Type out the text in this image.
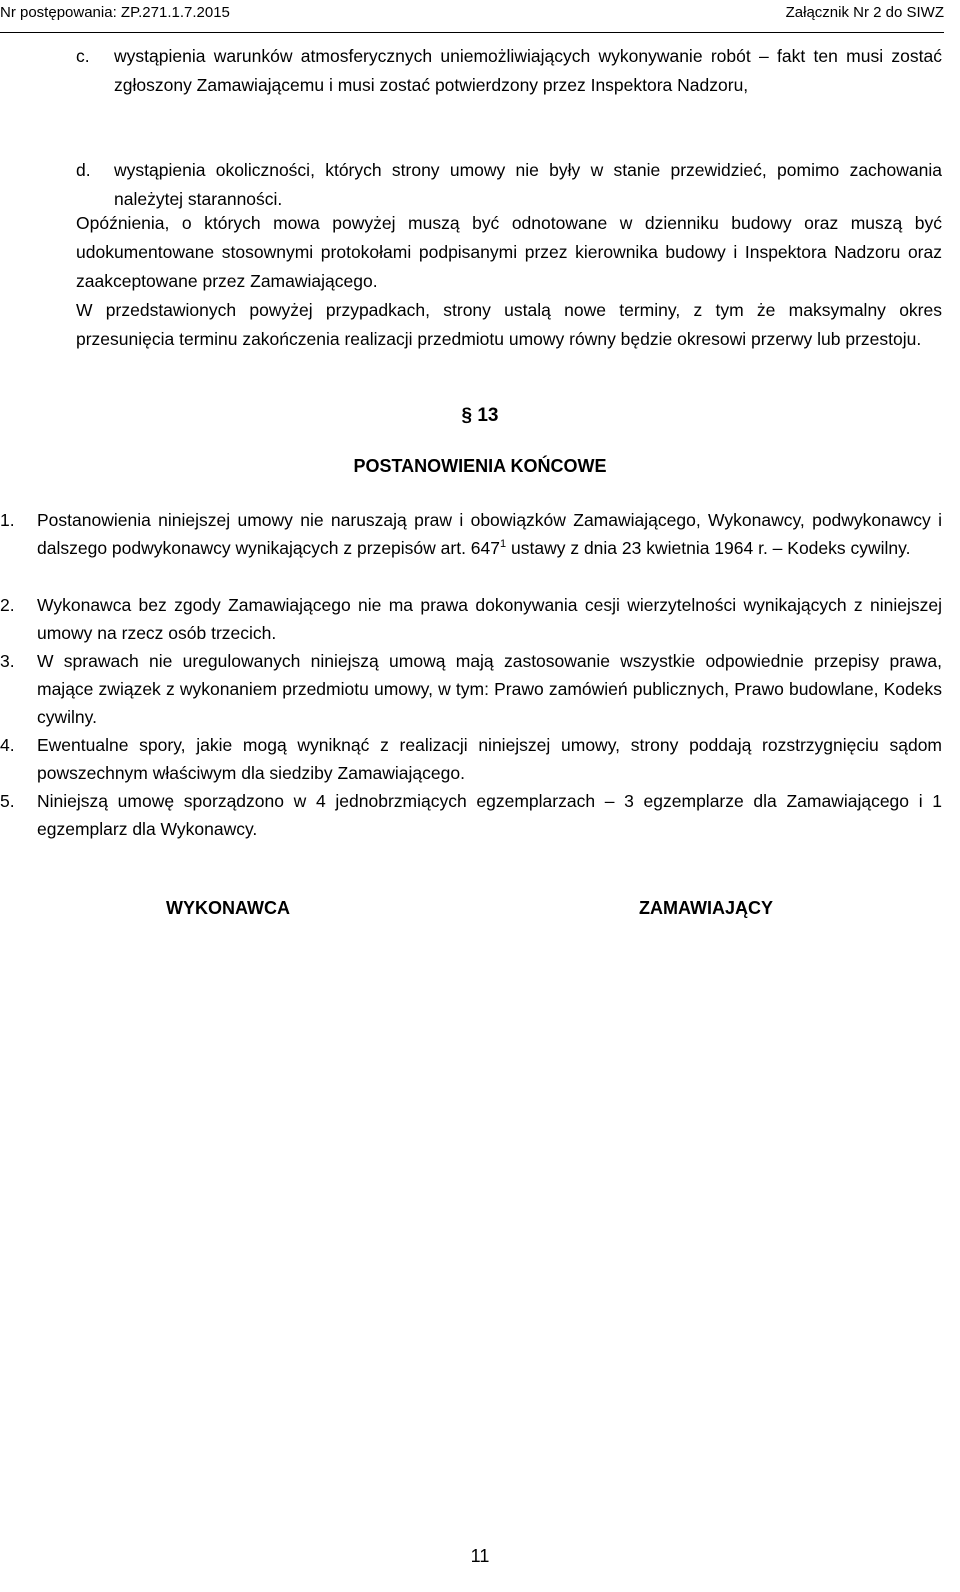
Nr postępowania: ZP.271.1.7.2015	Załącznik Nr 2 do SIWZ
c.	wystąpienia warunków atmosferycznych uniemożliwiających wykonywanie robót – fakt ten musi zostać zgłoszony Zamawiającemu i musi zostać potwierdzony przez Inspektora Nadzoru,
d.	wystąpienia okoliczności, których strony umowy nie były w stanie przewidzieć, pomimo zachowania należytej staranności.
Opóźnienia, o których mowa powyżej muszą być odnotowane w dzienniku budowy oraz muszą być udokumentowane stosownymi protokołami podpisanymi przez kierownika budowy i Inspektora Nadzoru oraz zaakceptowane przez Zamawiającego.
W przedstawionych powyżej przypadkach, strony ustalą nowe terminy, z tym że maksymalny okres przesunięcia terminu zakończenia realizacji przedmiotu umowy równy będzie okresowi przerwy lub przestoju.
§ 13
POSTANOWIENIA KOŃCOWE
1.	Postanowienia niniejszej umowy nie naruszają praw i obowiązków Zamawiającego, Wykonawcy, podwykonawcy i dalszego podwykonawcy wynikających z przepisów art. $647^1$ ustawy z dnia 23 kwietnia 1964 r. – Kodeks cywilny.
2.	Wykonawca bez zgody Zamawiającego nie ma prawa dokonywania cesji wierzytelności wynikających z niniejszej umowy na rzecz osób trzecich.
3.	W sprawach nie uregulowanych niniejszą umową mają zastosowanie wszystkie odpowiednie przepisy prawa, mające związek z wykonaniem przedmiotu umowy, w tym: Prawo zamówień publicznych, Prawo budowlane, Kodeks cywilny.
4.	Ewentualne spory, jakie mogą wyniknąć z realizacji niniejszej umowy, strony poddają rozstrzygnięciu sądom powszechnym właściwym dla siedziby Zamawiającego.
5.	Niniejszą umowę sporządzono w 4 jednobrzmiących egzemplarzach – 3 egzemplarze dla Zamawiającego i 1 egzemplarz dla Wykonawcy.
WYKONAWCA	ZAMAWIAJĄCY
11
